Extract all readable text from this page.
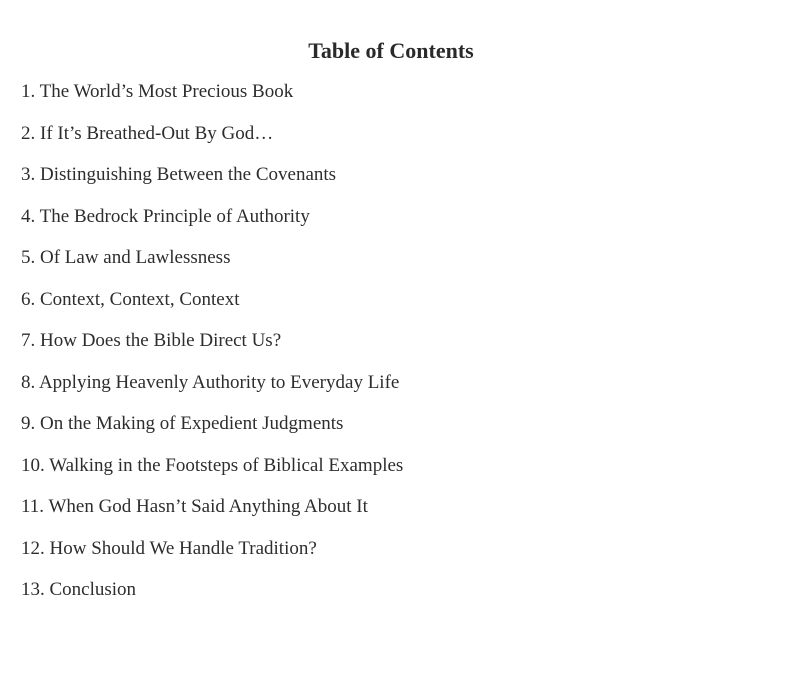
Table of Contents
1. The World’s Most Precious Book
2. If It’s Breathed-Out By God…
3. Distinguishing Between the Covenants
4. The Bedrock Principle of Authority
5. Of Law and Lawlessness
6. Context, Context, Context
7. How Does the Bible Direct Us?
8. Applying Heavenly Authority to Everyday Life
9. On the Making of Expedient Judgments
10. Walking in the Footsteps of Biblical Examples
11. When God Hasn’t Said Anything About It
12. How Should We Handle Tradition?
13. Conclusion
